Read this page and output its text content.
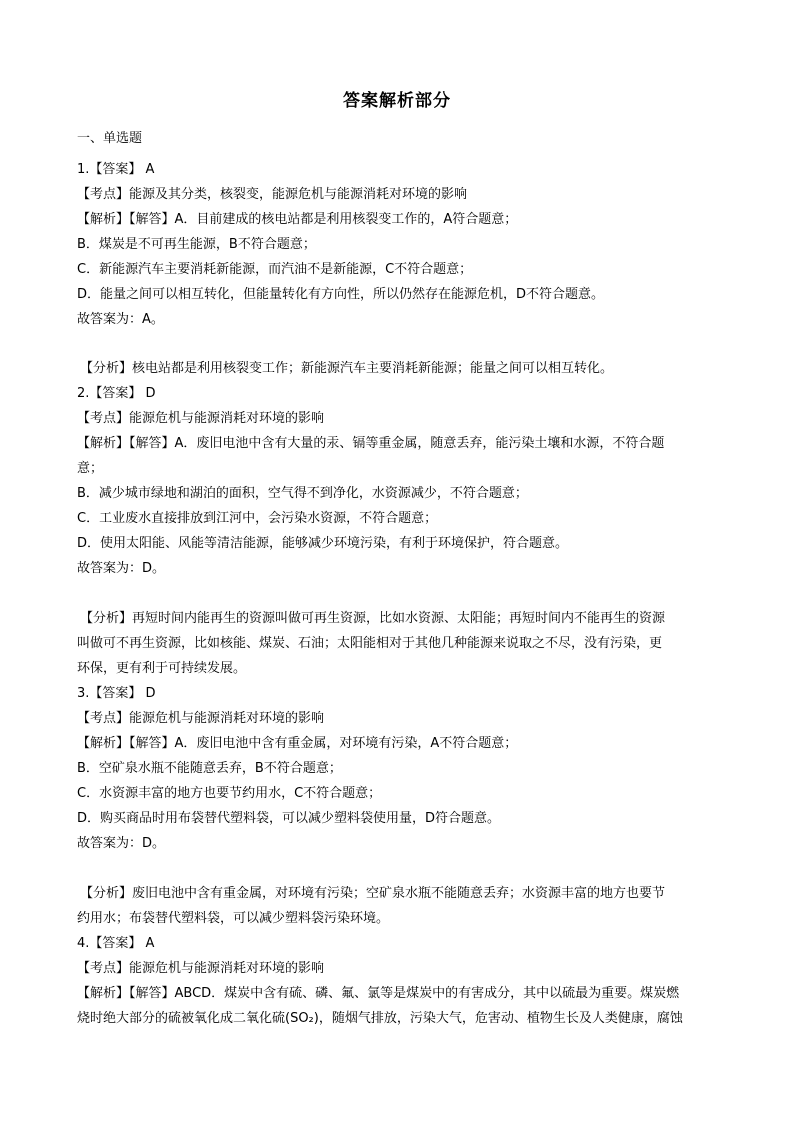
答案解析部分
一、单选题
1.【答案】 A
【考点】能源及其分类，核裂变，能源危机与能源消耗对环境的影响
【解析】【解答】A．目前建成的核电站都是利用核裂变工作的，A符合题意；
B．煤炭是不可再生能源，B不符合题意；
C．新能源汽车主要消耗新能源，而汽油不是新能源，C不符合题意；
D．能量之间可以相互转化，但能量转化有方向性，所以仍然存在能源危机，D不符合题意。
故答案为：A。
【分析】核电站都是利用核裂变工作；新能源汽车主要消耗新能源；能量之间可以相互转化。
2.【答案】 D
【考点】能源危机与能源消耗对环境的影响
【解析】【解答】A．废旧电池中含有大量的汞、镉等重金属，随意丢弃，能污染土壤和水源，不符合题
意；
B．减少城市绿地和湖泊的面积，空气得不到净化，水资源减少，不符合题意；
C．工业废水直接排放到江河中，会污染水资源，不符合题意；
D．使用太阳能、风能等清洁能源，能够减少环境污染，有利于环境保护，符合题意。
故答案为：D。
【分析】再短时间内能再生的资源叫做可再生资源，比如水资源、太阳能；再短时间内不能再生的资源
叫做可不再生资源，比如核能、煤炭、石油；太阳能相对于其他几种能源来说取之不尽，没有污染，更
环保，更有利于可持续发展。
3.【答案】 D
【考点】能源危机与能源消耗对环境的影响
【解析】【解答】A．废旧电池中含有重金属，对环境有污染，A不符合题意；
B．空矿泉水瓶不能随意丢弃，B不符合题意；
C．水资源丰富的地方也要节约用水，C不符合题意；
D．购买商品时用布袋替代塑料袋，可以减少塑料袋使用量，D符合题意。
故答案为：D。
【分析】废旧电池中含有重金属，对环境有污染；空矿泉水瓶不能随意丢弃；水资源丰富的地方也要节
约用水；布袋替代塑料袋，可以减少塑料袋污染环境。
4.【答案】 A
【考点】能源危机与能源消耗对环境的影响
【解析】【解答】ABCD．煤炭中含有硫、磷、氟、氯等是煤炭中的有害成分，其中以硫最为重要。煤炭燃
烧时绝大部分的硫被氧化成二氧化硫(SO₂)，随烟气排放，污染大气，危害动、植物生长及人类健康，腐蚀
